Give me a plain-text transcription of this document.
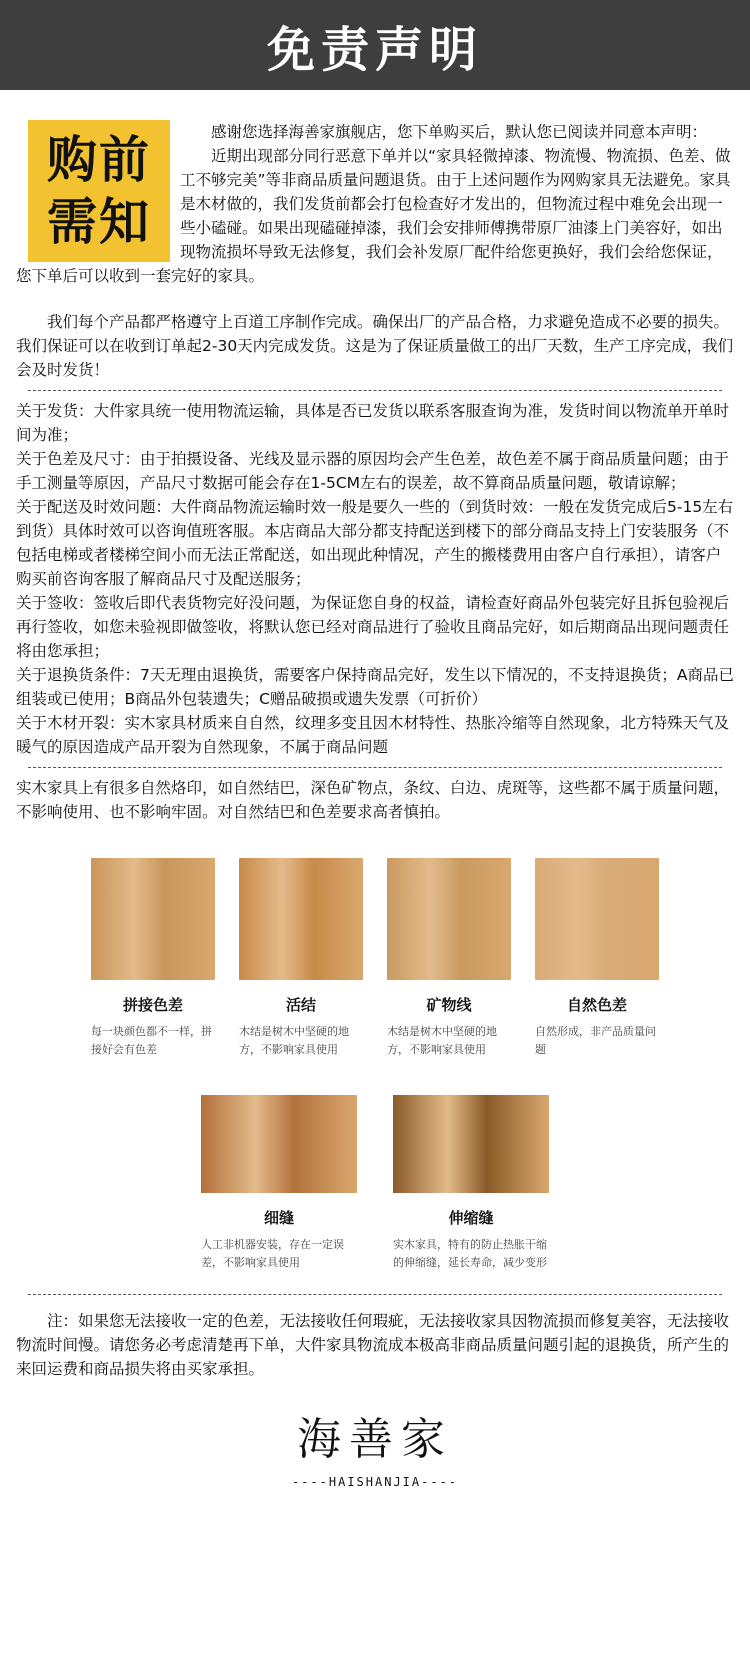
免责声明
购前
需知

感谢您选择海善家旗舰店，您下单购买后，默认您已阅读并同意本声明：

近期出现部分同行恶意下单并以“家具轻微掉漆、物流慢、物流损、色差、做工不够完美”等非商品质量问题退货。由于上述问题作为网购家具无法避免。家具是木材做的，我们发货前都会打包检查好才发出的，但物流过程中难免会出现一些小磕碰。如果出现磕碰掉漆，我们会安排师傅携带原厂油漆上门美容好，如出现物流损坏导致无法修复，我们会补发原厂配件给您更换好，我们会给您保证，您下单后可以收到一套完好的家具。

我们每个产品都严格遵守上百道工序制作完成。确保出厂的产品合格，力求避免造成不必要的损失。我们保证可以在收到订单起2-30天内完成发货。这是为了保证质量做工的出厂天数，生产工序完成，我们会及时发货！

关于发货：大件家具统一使用物流运输，具体是否已发货以联系客服查询为准，发货时间以物流单开单时间为准；

关于色差及尺寸：由于拍摄设备、光线及显示器的原因均会产生色差，故色差不属于商品质量问题；由于手工测量等原因，产品尺寸数据可能会存在1-5CM左右的误差，故不算商品质量问题，敬请谅解；

关于配送及时效问题：大件商品物流运输时效一般是要久一些的（到货时效：一般在发货完成后5-15左右到货）具体时效可以咨询值班客服。本店商品大部分都支持配送到楼下的部分商品支持上门安装服务（不包括电梯或者楼梯空间小而无法正常配送，如出现此种情况，产生的搬楼费用由客户自行承担），请客户购买前咨询客服了解商品尺寸及配送服务；

关于签收：签收后即代表货物完好没问题，为保证您自身的权益，请检查好商品外包装完好且拆包验视后再行签收，如您未验视即做签收，将默认您已经对商品进行了验收且商品完好，如后期商品出现问题责任将由您承担；

关于退换货条件：7天无理由退换货，需要客户保持商品完好，发生以下情况的，不支持退换货；A商品已组装或已使用；B商品外包装遗失；C赠品破损或遗失发票（可折价）

关于木材开裂：实木家具材质来自自然，纹理多变且因木材特性、热胀冷缩等自然现象，北方特殊天气及暖气的原因造成产品开裂为自然现象，不属于商品问题

实木家具上有很多自然烙印，如自然结巴，深色矿物点，条纹、白边、虎斑等，这些都不属于质量问题，不影响使用、也不影响牢固。对自然结巴和色差要求高者慎拍。

拼接色差
每一块颜色都不一样，拼接好会有色差
活结
木结是树木中坚硬的地方，不影响家具使用
矿物线
木结是树木中坚硬的地方，不影响家具使用
自然色差
自然形成，非产品质量问题
细缝
人工非机器安装，存在一定误差，不影响家具使用
伸缩缝
实木家具，特有的防止热胀干缩的伸缩缝，延长寿命，减少变形

注：如果您无法接收一定的色差，无法接收任何瑕疵，无法接收家具因物流损而修复美容，无法接收物流时间慢。请您务必考虑清楚再下单，大件家具物流成本极高非商品质量问题引起的退换货，所产生的来回运费和商品损失将由买家承担。

海善家
----HAISHANJIA----
